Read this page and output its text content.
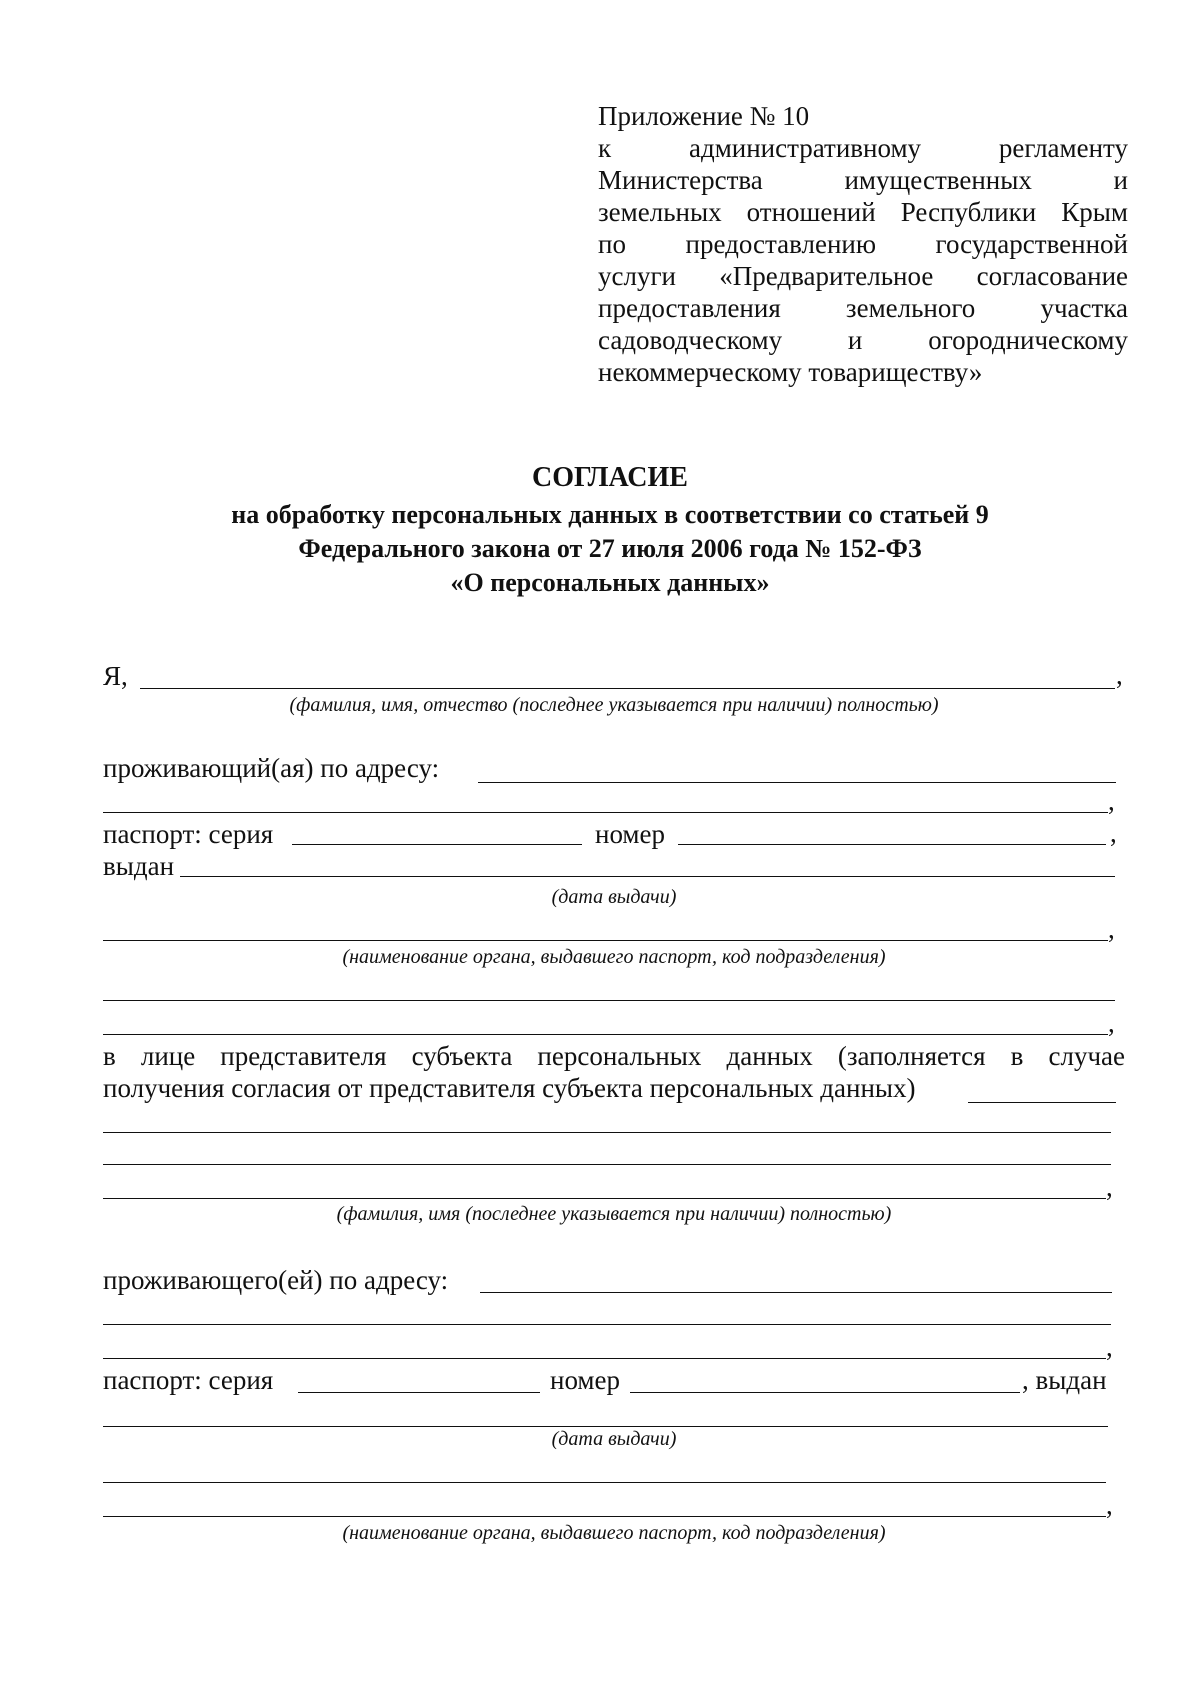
Приложение № 10
к административному регламенту
Министерства имущественных и
земельных отношений Республики Крым
по предоставлению государственной
услуги «Предварительное согласование
предоставления земельного участка
садоводческому и огородническому
некоммерческому товариществу»
СОГЛАСИЕ
на обработку персональных данных в соответствии со статьей 9
Федерального закона от 27 июля 2006 года № 152-ФЗ
«О персональных данных»
Я,	,
(фамилия, имя, отчество (последнее указывается при наличии) полностью)
проживающий(ая) по адресу:
,
паспорт: серия	номер	,
выдан
(дата выдачи)
,
(наименование органа, выдавшего паспорт, код подразделения)
,
в лице представителя субъекта персональных данных (заполняется в случае
получения согласия от представителя субъекта персональных данных)
,
(фамилия, имя (последнее указывается при наличии) полностью)
проживающего(ей) по адресу:
,
паспорт: серия	номер	, выдан
(дата выдачи)
,
(наименование органа, выдавшего паспорт, код подразделения)
